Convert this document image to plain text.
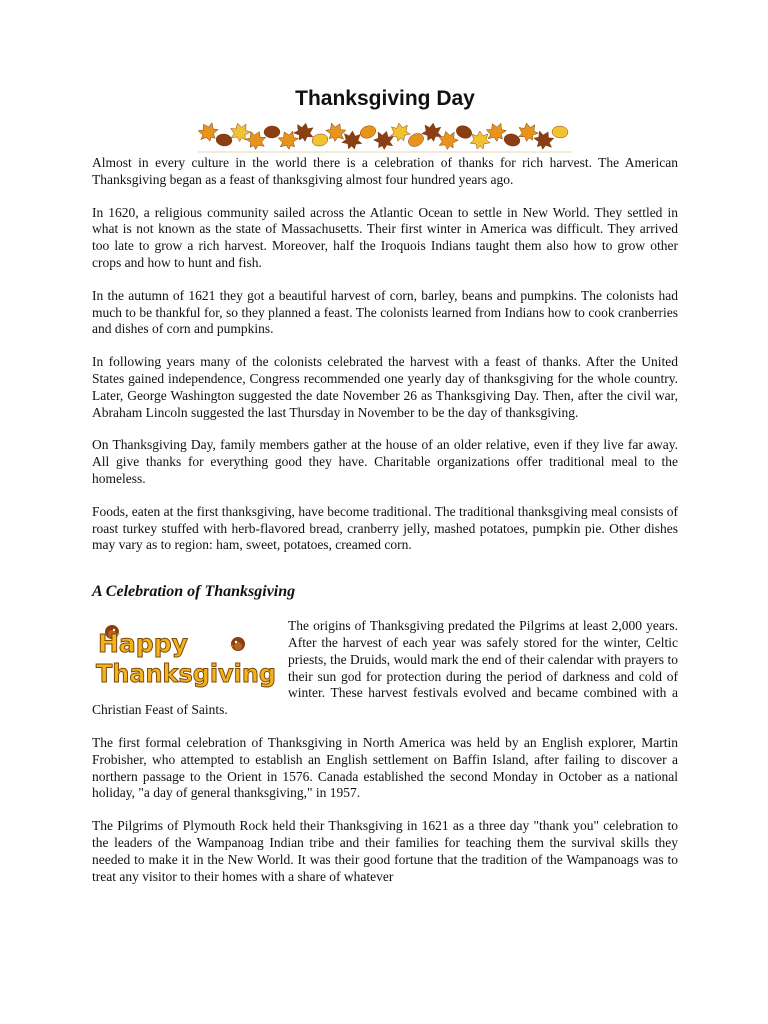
Thanksgiving Day

Almost in every culture in the world there is a celebration of thanks for rich harvest. The American Thanksgiving began as a feast of thanksgiving almost four hundred years ago.

In 1620, a religious community sailed across the Atlantic Ocean to settle in New World. They settled in what is not known as the state of Massachusetts. Their first winter in America was difficult. They arrived too late to grow a rich harvest. Moreover, half the Iroquois Indians taught them also how to grow other crops and how to hunt and fish.

In the autumn of 1621 they got a beautiful harvest of corn, barley, beans and pumpkins. The colonists had much to be thankful for, so they planned a feast. The colonists learned from Indians how to cook cranberries and dishes of corn and pumpkins.

In following years many of the colonists celebrated the harvest with a feast of thanks. After the United States gained independence, Congress recommended one yearly day of thanksgiving for the whole country. Later, George Washington suggested the date November 26 as Thanksgiving Day. Then, after the civil war, Abraham Lincoln suggested the last Thursday in November to be the day of thanksgiving.

On Thanksgiving Day, family members gather at the house of an older relative, even if they live far away. All give thanks for everything good they have. Charitable organizations offer traditional meal to the homeless.

Foods, eaten at the first thanksgiving, have become traditional. The traditional thanksgiving meal consists of roast turkey stuffed with herb-flavored bread, cranberry jelly, mashed potatoes, pumpkin pie. Other dishes may vary as to region: ham, sweet, potatoes, creamed corn.

A Celebration of Thanksgiving
Happy
Thanksgiving

The origins of Thanksgiving predated the Pilgrims at least 2,000 years. After the harvest of each year was safely stored for the winter, Celtic priests, the Druids, would mark the end of their calendar with prayers to their sun god for protection during the period of darkness and cold of winter. These harvest festivals evolved and became combined with a Christian Feast of Saints.

The first formal celebration of Thanksgiving in North America was held by an English explorer, Martin Frobisher, who attempted to establish an English settlement on Baffin Island, after failing to discover a northern passage to the Orient in 1576. Canada established the second Monday in October as a national holiday, "a day of general thanksgiving," in 1957.

The Pilgrims of Plymouth Rock held their Thanksgiving in 1621 as a three day "thank you" celebration to the leaders of the Wampanoag Indian tribe and their families for teaching them the survival skills they needed to make it in the New World. It was their good fortune that the tradition of the Wampanoags was to treat any visitor to their homes with a share of whatever
